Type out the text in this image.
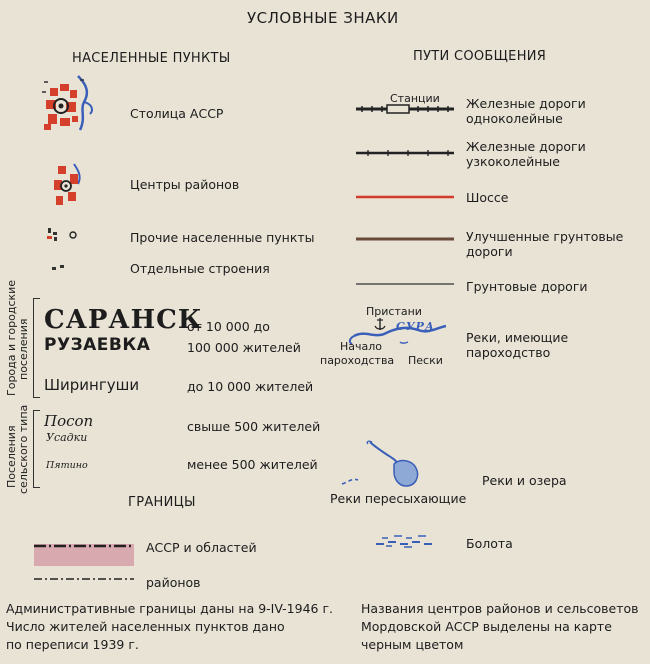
УСЛОВНЫЕ ЗНАКИ
НАСЕЛЕННЫЕ ПУНКТЫ	ПУТИ СООБЩЕНИЯ
ГРАНИЦЫ
Столица АССР
Центры районов
Прочие населенные пункты
Отдельные строения
Города и городские поселения
Поселения сельского типа
САРАНСК
РУЗАЕВКА
Ширингуши
от 10 000 до
100 000 жителей
до 10 000 жителей
Посоп
Усадки
Пятино
свыше 500 жителей
менее 500 жителей
Станции Железные дороги
одноколейные
Железные дороги
узкоколейные
Шоссе
Улучшенные грунтовые
дороги
Грунтовые дороги
Пристани
СУРА
Начало
пароходства Пески
Реки, имеющие
пароходство
Реки и озера
Реки пересыхающие
Болота
АССР и областей
районов
Административные границы даны на 9-IV-1946 г.
Число жителей населенных пунктов дано
по переписи 1939 г.
Названия центров районов и сельсоветов
Мордовской АССР выделены на карте
черным цветом
